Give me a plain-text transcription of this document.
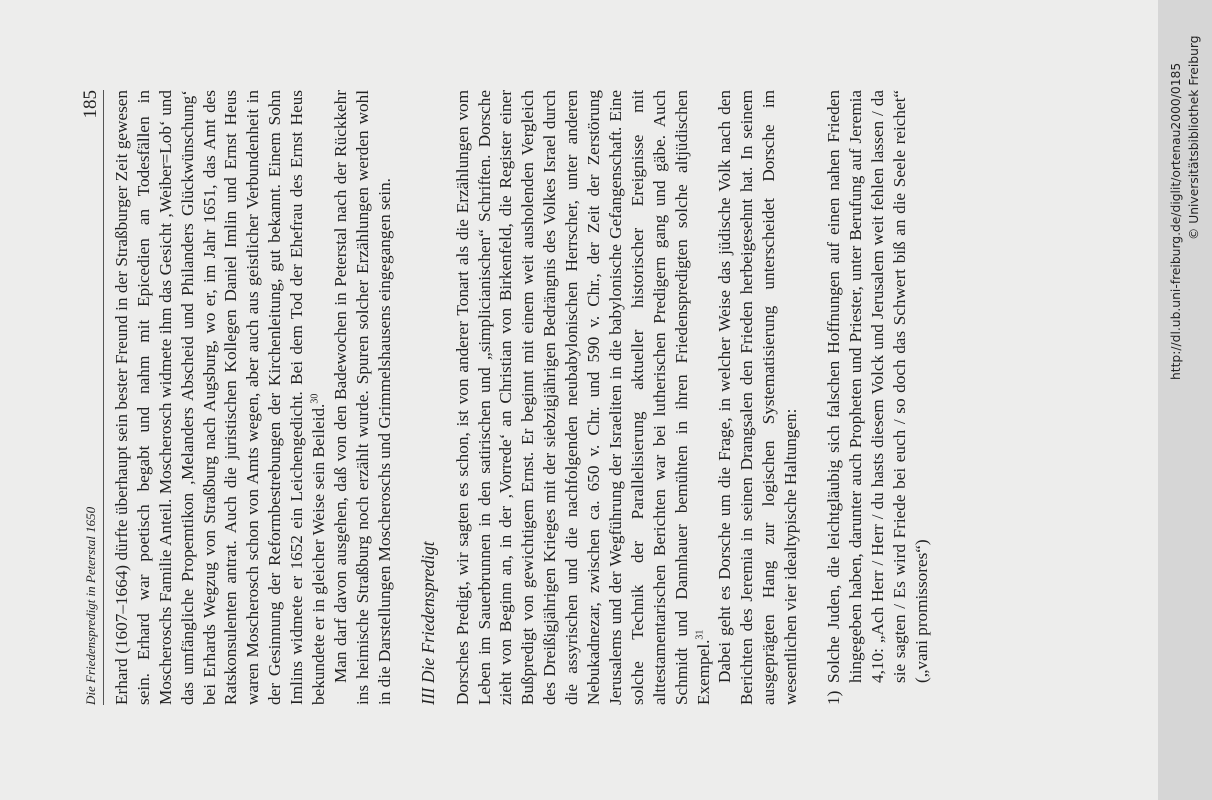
Die Friedenspredigt in Peterstal 1650
185 Erhard (1607–1664) dürfte überhaupt sein bester Freund in der Straßburger Zeit gewesen sein. Erhard war poetisch begabt und nahm mit Epicedien an Todesfällen in Moscheroschs Familie Anteil. Moscherosch widmete ihm das Gesicht ‚Weiber=Lob‘ und das umfängliche Propemtikon ‚Melanders Abscheid und Philanders Glückwünschung‘ bei Erhards Wegzug von Straßburg nach Augsburg, wo er, im Jahr 1651, das Amt des Ratskonsulenten antrat. Auch die juristischen Kollegen Daniel Imlin und Ernst Heus waren Moscherosch schon von Amts wegen, aber auch aus geistlicher Verbundenheit in der Gesinnung der Reformbestrebungen der Kirchenleitung, gut bekannt. Einem Sohn Imlins widmete er 1652 ein Leichengedicht. Bei dem Tod der Ehefrau des Ernst Heus bekundete er in gleicher Weise sein Beileid.$^{30}$ Man darf davon ausgehen, daß von den Badewochen in Peterstal nach der Rückkehr ins heimische Straßburg noch erzählt wurde. Spuren solcher Erzählungen werden wohl in die Darstellungen Moscheroschs und Grimmelshausens eingegangen sein. III Die Friedenspredigt Dorsches Predigt, wir sagten es schon, ist von anderer Tonart als die Erzählungen vom Leben im Sauerbrunnen in den satirischen und „simplicianischen“ Schriften. Dorsche zieht von Beginn an, in der ‚Vorrede‘ an Christian von Birkenfeld, die Register einer Bußpredigt von gewichtigem Ernst. Er beginnt mit einem weit ausholenden Vergleich des Dreißigjährigen Krieges mit der siebzigjährigen Bedrängnis des Volkes Israel durch die assyrischen und die nachfolgenden neubabylonischen Herrscher, unter anderen Nebukadnezar, zwischen ca. 650 v. Chr. und 590 v. Chr., der Zeit der Zerstörung Jerusalems und der Wegführung der Israeliten in die babylonische Gefangenschaft. Eine solche Technik der Parallelisierung aktueller historischer Ereignisse mit alttestamentarischen Berichten war bei lutherischen Predigern gang und gäbe. Auch Schmidt und Dannhauer bemühten in ihren Friedenspredigten solche altjüdischen Exempel.$^{31}$ Dabei geht es Dorsche um die Frage, in welcher Weise das jüdische Volk nach den Berichten des Jeremia in seinen Drangsalen den Frieden herbeigesehnt hat. In seinem ausgeprägten Hang zur logischen Systematisierung unterscheidet Dorsche im wesentlichen vier idealtypische Haltungen: 1)
Solche Juden, die leichtgläubig sich falschen Hoffnungen auf einen nahen Frieden hingegeben haben, darunter auch Propheten und Priester, unter Berufung auf Jeremia 4,10: „Ach Herr / Herr / du hasts diesem Volck und Jerusalem weit fehlen lassen / da sie sagten / Es wird Friede bei euch / so doch das Schwert biß an die Seele reichet“ („vani promissores“)
http://dl.ub.uni-freiburg.de/diglit/ortenau2000/0185 © Universitätsbibliothek Freiburg
